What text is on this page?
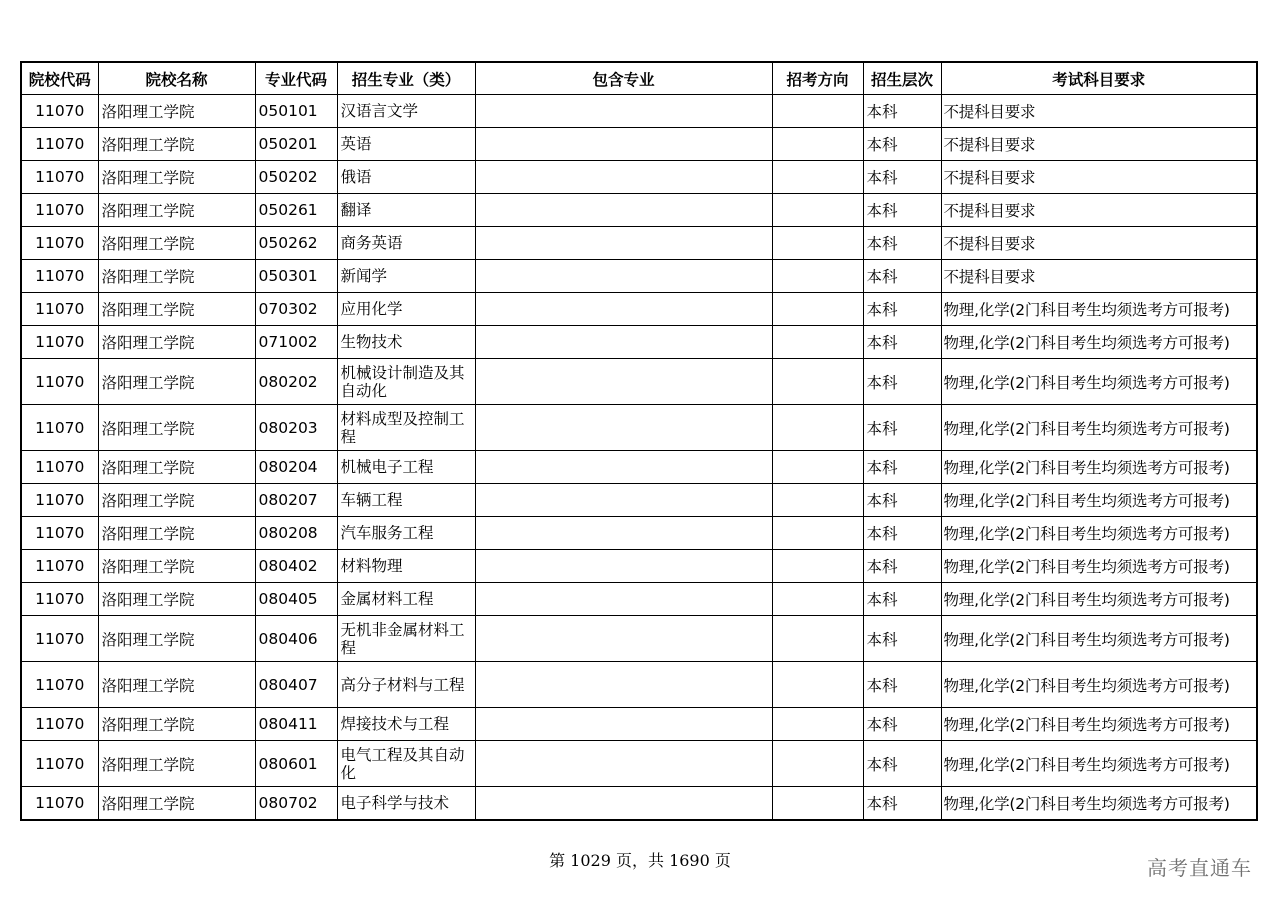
院校代码	院校名称	专业代码	招生专业（类）	包含专业	招考方向	招生层次	考试科目要求
11070	洛阳理工学院	050101	汉语言文学			本科	不提科目要求
11070	洛阳理工学院	050201	英语			本科	不提科目要求
11070	洛阳理工学院	050202	俄语			本科	不提科目要求
11070	洛阳理工学院	050261	翻译			本科	不提科目要求
11070	洛阳理工学院	050262	商务英语			本科	不提科目要求
11070	洛阳理工学院	050301	新闻学			本科	不提科目要求
11070	洛阳理工学院	070302	应用化学			本科	物理,化学(2门科目考生均须选考方可报考)
11070	洛阳理工学院	071002	生物技术			本科	物理,化学(2门科目考生均须选考方可报考)
11070	洛阳理工学院	080202	机械设计制造及其自动化			本科	物理,化学(2门科目考生均须选考方可报考)
11070	洛阳理工学院	080203	材料成型及控制工程			本科	物理,化学(2门科目考生均须选考方可报考)
11070	洛阳理工学院	080204	机械电子工程			本科	物理,化学(2门科目考生均须选考方可报考)
11070	洛阳理工学院	080207	车辆工程			本科	物理,化学(2门科目考生均须选考方可报考)
11070	洛阳理工学院	080208	汽车服务工程			本科	物理,化学(2门科目考生均须选考方可报考)
11070	洛阳理工学院	080402	材料物理			本科	物理,化学(2门科目考生均须选考方可报考)
11070	洛阳理工学院	080405	金属材料工程			本科	物理,化学(2门科目考生均须选考方可报考)
11070	洛阳理工学院	080406	无机非金属材料工程			本科	物理,化学(2门科目考生均须选考方可报考)
11070	洛阳理工学院	080407	高分子材料与工程			本科	物理,化学(2门科目考生均须选考方可报考)
11070	洛阳理工学院	080411	焊接技术与工程			本科	物理,化学(2门科目考生均须选考方可报考)
11070	洛阳理工学院	080601	电气工程及其自动化			本科	物理,化学(2门科目考生均须选考方可报考)
11070	洛阳理工学院	080702	电子科学与技术			本科	物理,化学(2门科目考生均须选考方可报考)
第 1029 页，共 1690 页	高考直通车
